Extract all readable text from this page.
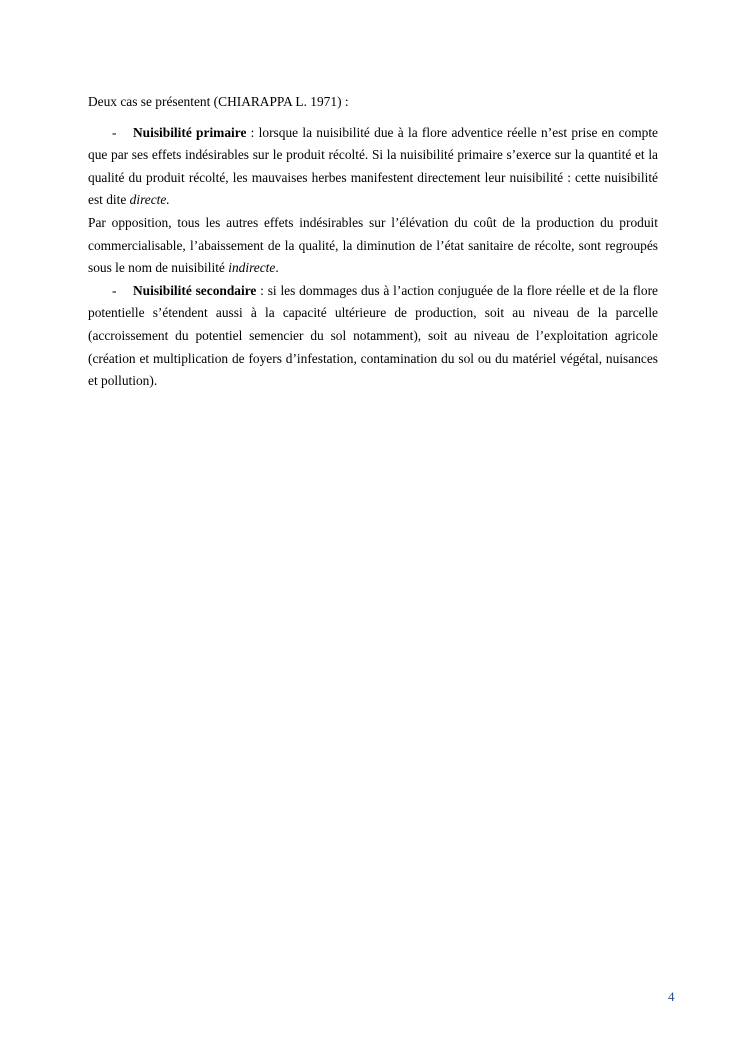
Deux cas se présentent (CHIARAPPA L. 1971) :

- Nuisibilité primaire : lorsque la nuisibilité due à la flore adventice réelle n’est prise en compte que par ses effets indésirables sur le produit récolté. Si la nuisibilité primaire s’exerce sur la quantité et la qualité du produit récolté, les mauvaises herbes manifestent directement leur nuisibilité : cette nuisibilité est dite directe.

Par opposition, tous les autres effets indésirables sur l’élévation du coût de la production du produit commercialisable, l’abaissement de la qualité, la diminution de l’état sanitaire de récolte, sont regroupés sous le nom de nuisibilité indirecte.

- Nuisibilité secondaire : si les dommages dus à l’action conjuguée de la flore réelle et de la flore potentielle s’étendent aussi à la capacité ultérieure de production, soit au niveau de la parcelle (accroissement du potentiel semencier du sol notamment), soit au niveau de l’exploitation agricole (création et multiplication de foyers d’infestation, contamination du sol ou du matériel végétal, nuisances et pollution).

4
